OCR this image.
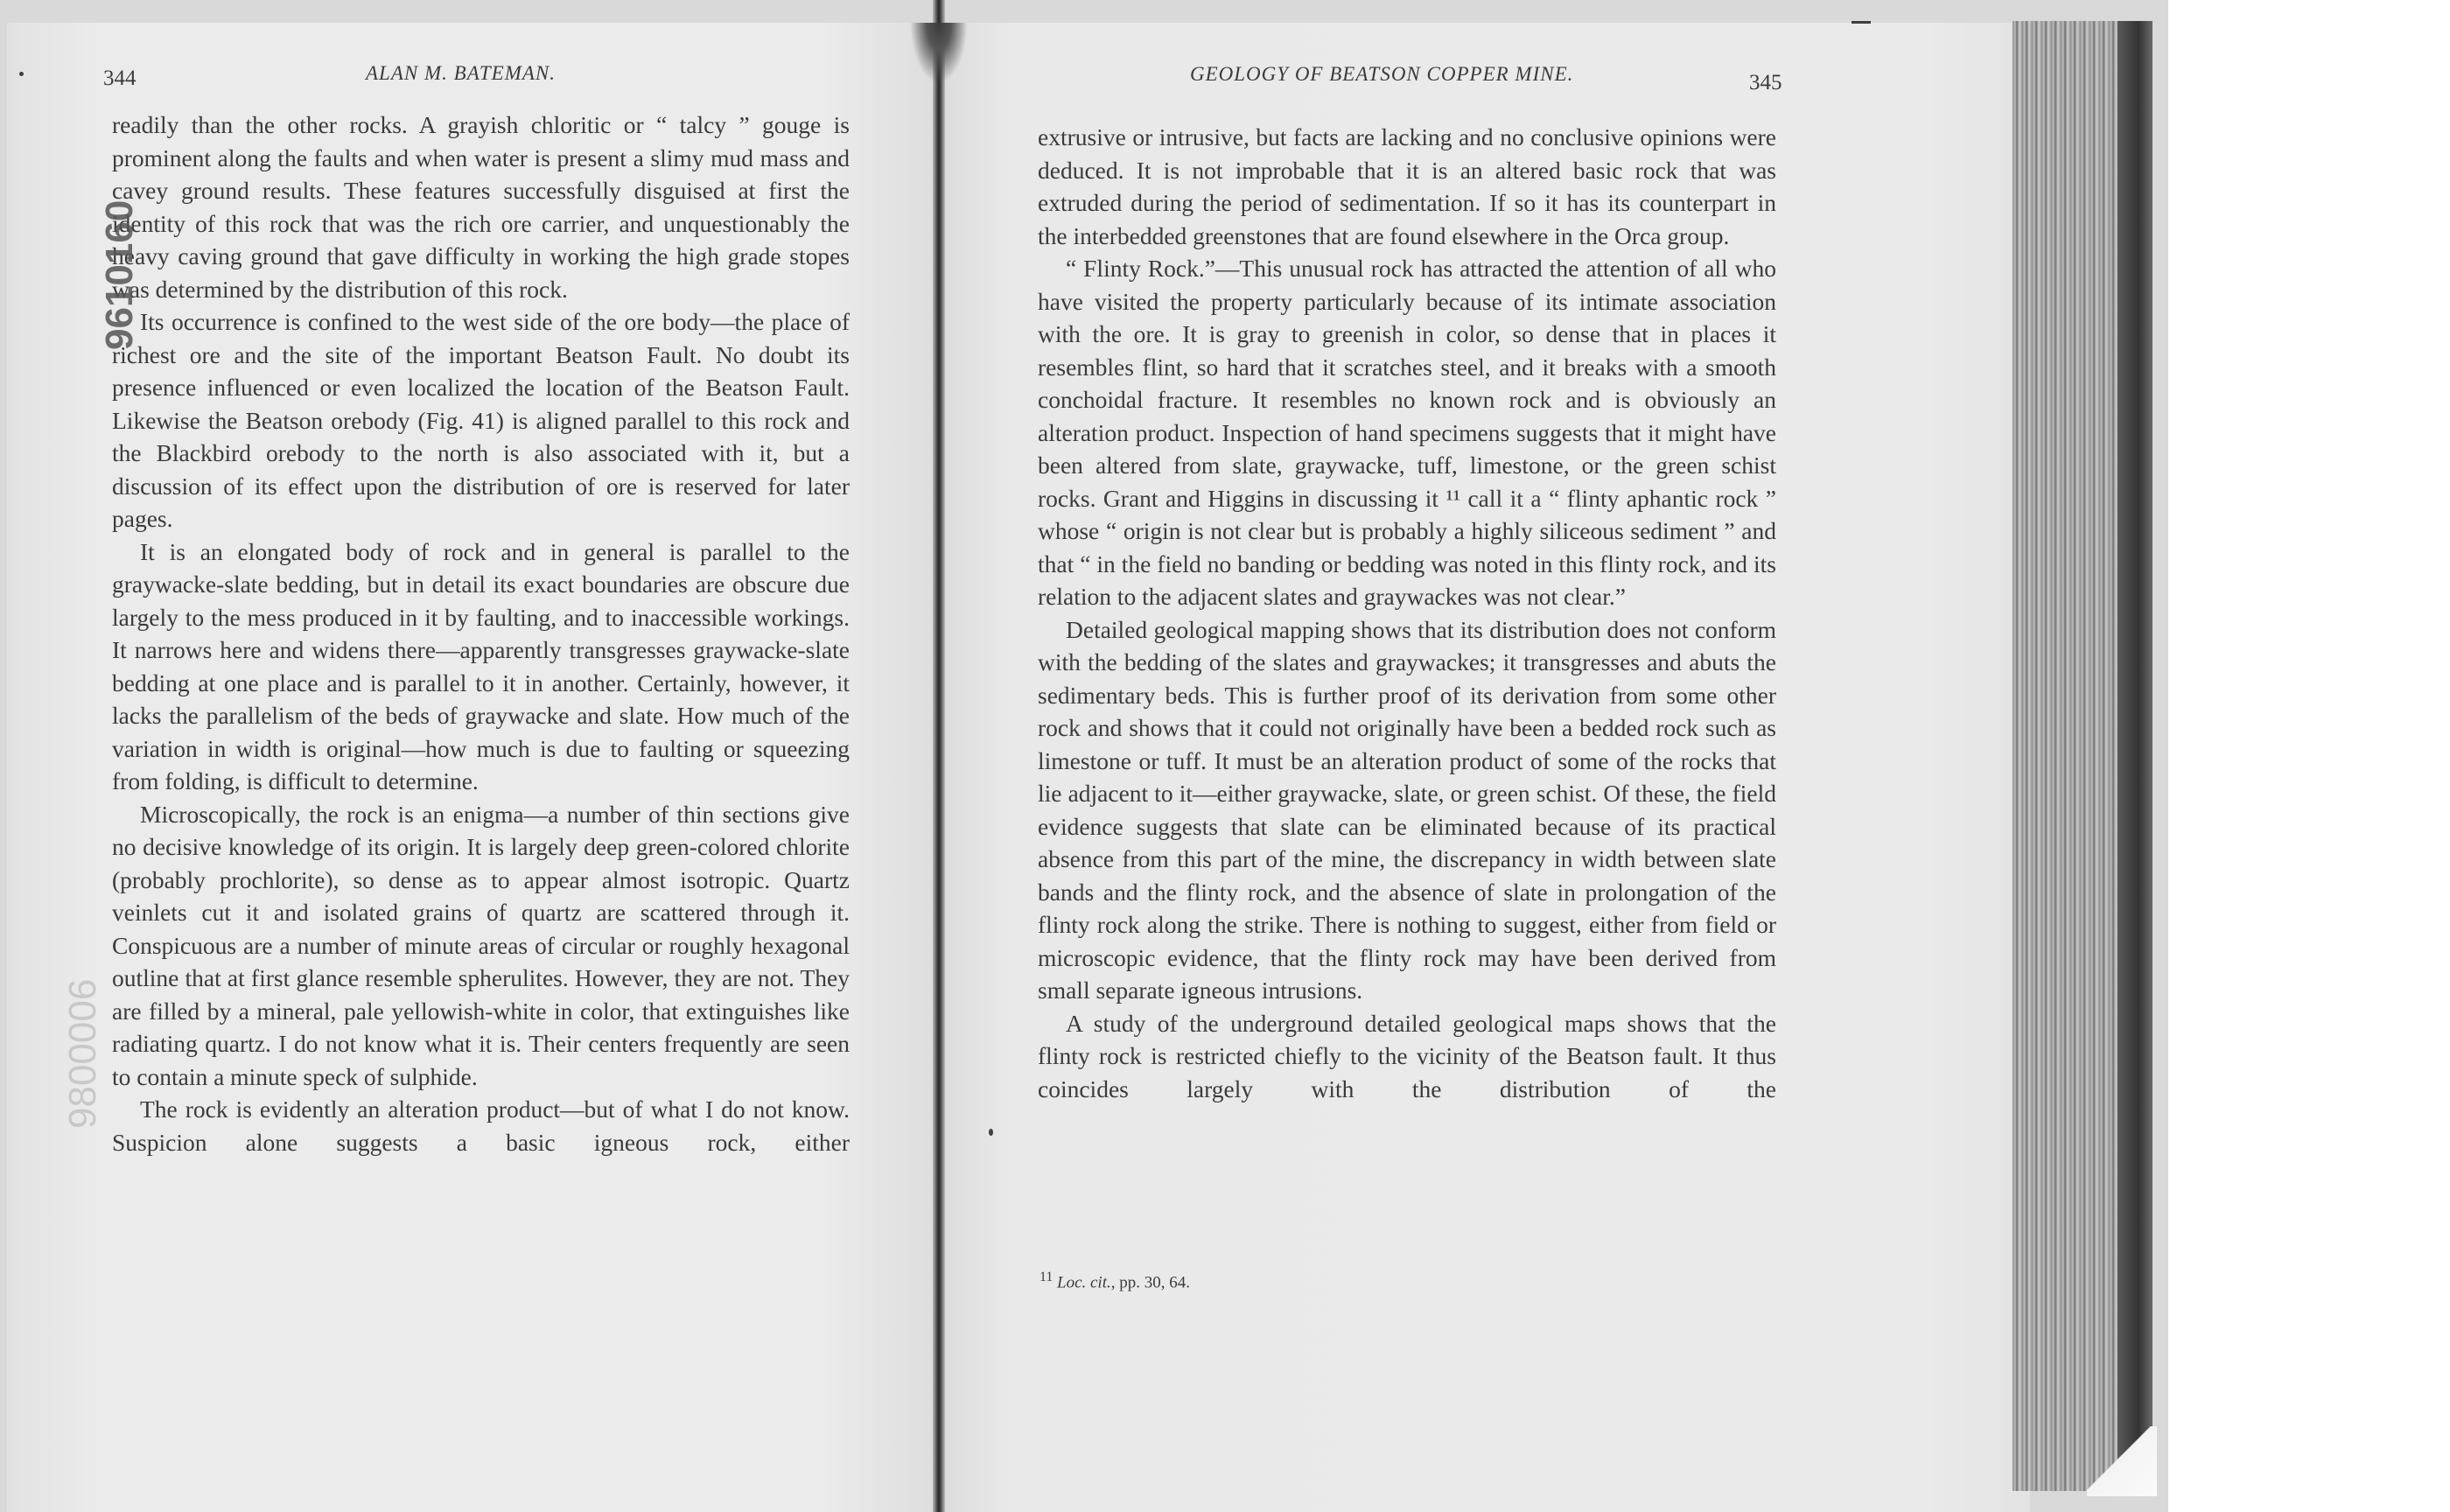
344	ALAN M. BATEMAN.	GEOLOGY OF BEATSON COPPER MINE.	345

readily than the other rocks. A grayish chloritic or “ talcy ” gouge is prominent along the faults and when water is present a slimy mud mass and cavey ground results. These features successfully disguised at first the identity of this rock that was the rich ore carrier, and unquestionably the heavy caving ground that gave difficulty in working the high grade stopes was determined by the distribution of this rock.

Its occurrence is confined to the west side of the ore body—the place of richest ore and the site of the important Beatson Fault. No doubt its presence influenced or even localized the location of the Beatson Fault. Likewise the Beatson orebody (Fig. 41) is aligned parallel to this rock and the Blackbird orebody to the north is also associated with it, but a discussion of its effect upon the distribution of ore is reserved for later pages.

It is an elongated body of rock and in general is parallel to the graywacke-slate bedding, but in detail its exact boundaries are obscure due largely to the mess produced in it by faulting, and to inaccessible workings. It narrows here and widens there—apparently transgresses graywacke-slate bedding at one place and is parallel to it in another. Certainly, however, it lacks the parallelism of the beds of graywacke and slate. How much of the variation in width is original—how much is due to faulting or squeezing from folding, is difficult to determine.

Microscopically, the rock is an enigma—a number of thin sections give no decisive knowledge of its origin. It is largely deep green-colored chlorite (probably prochlorite), so dense as to appear almost isotropic. Quartz veinlets cut it and isolated grains of quartz are scattered through it. Conspicuous are a number of minute areas of circular or roughly hexagonal outline that at first glance resemble spherulites. However, they are not. They are filled by a mineral, pale yellowish-white in color, that extinguishes like radiating quartz. I do not know what it is. Their centers frequently are seen to contain a minute speck of sulphide.

The rock is evidently an alteration product—but of what I do not know. Suspicion alone suggests a basic igneous rock, either

extrusive or intrusive, but facts are lacking and no conclusive opinions were deduced. It is not improbable that it is an altered basic rock that was extruded during the period of sedimentation. If so it has its counterpart in the interbedded greenstones that are found elsewhere in the Orca group.

“ Flinty Rock.”—This unusual rock has attracted the attention of all who have visited the property particularly because of its intimate association with the ore. It is gray to greenish in color, so dense that in places it resembles flint, so hard that it scratches steel, and it breaks with a smooth conchoidal fracture. It resembles no known rock and is obviously an alteration product. Inspection of hand specimens suggests that it might have been altered from slate, graywacke, tuff, limestone, or the green schist rocks. Grant and Higgins in discussing it ¹¹ call it a “ flinty aphantic rock ” whose “ origin is not clear but is probably a highly siliceous sediment ” and that “ in the field no banding or bedding was noted in this flinty rock, and its relation to the adjacent slates and graywackes was not clear.”

Detailed geological mapping shows that its distribution does not conform with the bedding of the slates and graywackes; it transgresses and abuts the sedimentary beds. This is further proof of its derivation from some other rock and shows that it could not originally have been a bedded rock such as limestone or tuff. It must be an alteration product of some of the rocks that lie adjacent to it—either graywacke, slate, or green schist. Of these, the field evidence suggests that slate can be eliminated because of its practical absence from this part of the mine, the discrepancy in width between slate bands and the flinty rock, and the absence of slate in prolongation of the flinty rock along the strike. There is nothing to suggest, either from field or microscopic evidence, that the flinty rock may have been derived from small separate igneous intrusions.

A study of the underground detailed geological maps shows that the flinty rock is restricted chiefly to the vicinity of the Beatson fault. It thus coincides largely with the distribution of the

$^{11}$ Loc. cit., pp. 30, 64.
9610160
9800006
